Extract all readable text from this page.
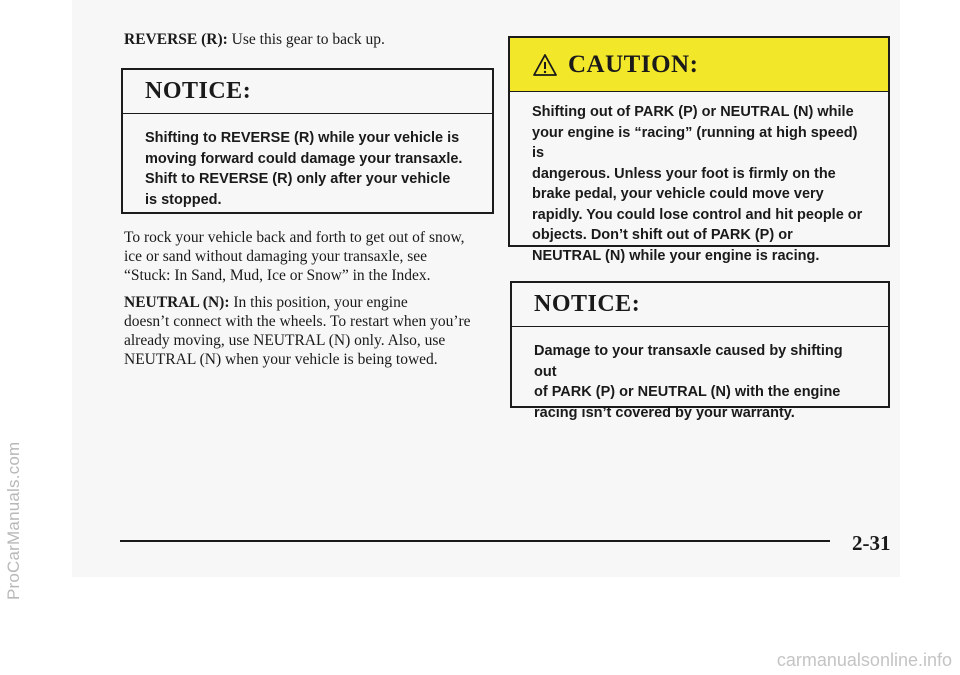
ProCarManuals.com

REVERSE (R): Use this gear to back up.

NOTICE:
Shifting to REVERSE (R) while your vehicle is
moving forward could damage your transaxle.
Shift to REVERSE (R) only after your vehicle
is stopped.
To rock your vehicle back and forth to get out of snow,
ice or sand without damaging your transaxle, see
“Stuck: In Sand, Mud, Ice or Snow” in the Index.
NEUTRAL (N): In this position, your engine
doesn’t connect with the wheels. To restart when you’re
already moving, use NEUTRAL (N) only. Also, use
NEUTRAL (N) when your vehicle is being towed.
CAUTION:
Shifting out of PARK (P) or NEUTRAL (N) while
your engine is “racing” (running at high speed) is
dangerous. Unless your foot is firmly on the
brake pedal, your vehicle could move very
rapidly. You could lose control and hit people or
objects. Don’t shift out of PARK (P) or
NEUTRAL (N) while your engine is racing.
NOTICE:
Damage to your transaxle caused by shifting out
of PARK (P) or NEUTRAL (N) with the engine
racing isn’t covered by your warranty.
2-31
carmanualsonline.info
